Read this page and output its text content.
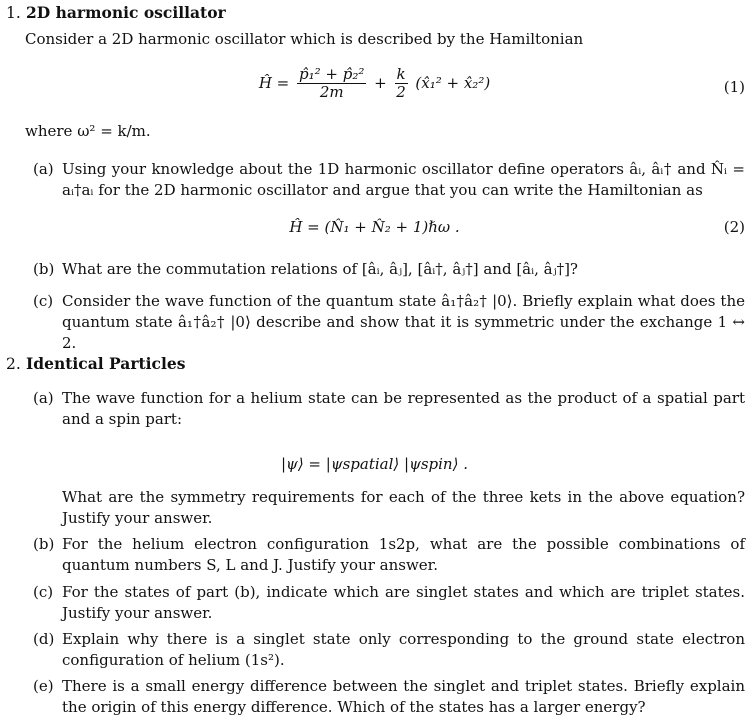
1. 2D harmonic oscillator
Consider a 2D harmonic oscillator which is described by the Hamiltonian
Ĥ = $\frac{\text{p̂₁² + p̂₂²}}{2m} + \frac{k}{2}$ (x̂₁² + x̂₂²)	(1)
where ω² = k/m.
(a) Using your knowledge about the 1D harmonic oscillator define operators âᵢ, âᵢ† and N̂ᵢ = aᵢ†aᵢ for the 2D harmonic oscillator and argue that you can write the Hamiltonian as
Ĥ = (N̂₁ + N̂₂ + 1)ℏω .	(2)
(b) What are the commutation relations of [âᵢ, âⱼ], [âᵢ†, âⱼ†] and [âᵢ, âⱼ†]?
(c) Consider the wave function of the quantum state â₁†â₂† |0⟩. Briefly explain what does the quantum state â₁†â₂† |0⟩ describe and show that it is symmetric under the exchange 1 ↔ 2.
2. Identical Particles
(a) The wave function for a helium state can be represented as the product of a spatial part and a spin part:
|ψ⟩ = |ψspatial⟩ |ψspin⟩ .
What are the symmetry requirements for each of the three kets in the above equation? Justify your answer.
(b) For the helium electron configuration 1s2p, what are the possible combinations of quantum numbers S, L and J. Justify your answer.
(c) For the states of part (b), indicate which are singlet states and which are triplet states. Justify your answer.
(d) Explain why there is a singlet state only corresponding to the ground state electron configuration of helium (1s²).
(e) There is a small energy difference between the singlet and triplet states. Briefly explain the origin of this energy difference. Which of the states has a larger energy?
